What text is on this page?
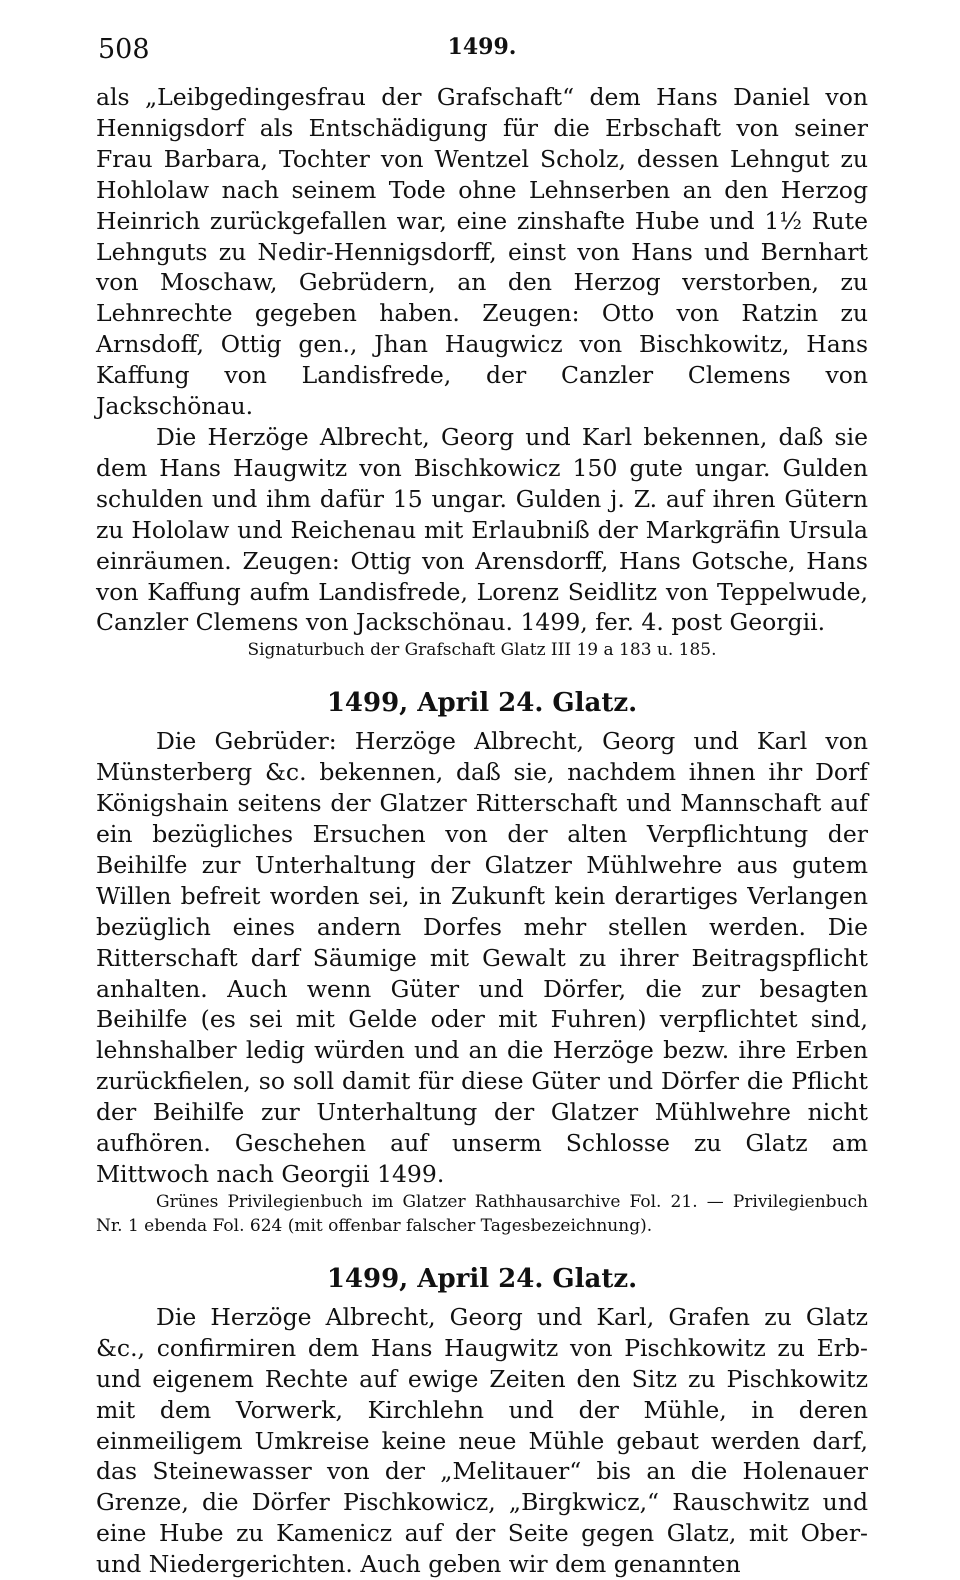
508	1499.

als „Leibgedingesfrau der Grafschaft“ dem Hans Daniel von Hennigsdorf als Entschädigung für die Erbschaft von seiner Frau Barbara, Tochter von Wentzel Scholz, dessen Lehngut zu Hohlolaw nach seinem Tode ohne Lehnserben an den Herzog Heinrich zurückgefallen war, eine zinshafte Hube und 1½ Rute Lehnguts zu Nedir-Hennigsdorff, einst von Hans und Bernhart von Moschaw, Gebrüdern, an den Herzog verstorben, zu Lehnrechte gegeben haben. Zeugen: Otto von Ratzin zu Arnsdoff, Ottig gen., Jhan Haugwicz von Bischkowitz, Hans Kaffung von Landisfrede, der Canzler Clemens von Jackschönau.

Die Herzöge Albrecht, Georg und Karl bekennen, daß sie dem Hans Haugwitz von Bischkowicz 150 gute ungar. Gulden schulden und ihm dafür 15 ungar. Gulden j. Z. auf ihren Gütern zu Hololaw und Reichenau mit Erlaubniß der Markgräfin Ursula einräumen. Zeugen: Ottig von Arensdorff, Hans Gotsche, Hans von Kaffung aufm Landisfrede, Lorenz Seidlitz von Teppelwude, Canzler Clemens von Jackschönau. 1499, fer. 4. post Georgii.

Signaturbuch der Grafschaft Glatz III 19 a 183 u. 185.

1499, April 24. Glatz.

Die Gebrüder: Herzöge Albrecht, Georg und Karl von Münsterberg &c. bekennen, daß sie, nachdem ihnen ihr Dorf Königshain seitens der Glatzer Ritterschaft und Mannschaft auf ein bezügliches Ersuchen von der alten Verpflichtung der Beihilfe zur Unterhaltung der Glatzer Mühlwehre aus gutem Willen befreit worden sei, in Zukunft kein derartiges Verlangen bezüglich eines andern Dorfes mehr stellen werden. Die Ritterschaft darf Säumige mit Gewalt zu ihrer Beitragspflicht anhalten. Auch wenn Güter und Dörfer, die zur besagten Beihilfe (es sei mit Gelde oder mit Fuhren) verpflichtet sind, lehnshalber ledig würden und an die Herzöge bezw. ihre Erben zurückfielen, so soll damit für diese Güter und Dörfer die Pflicht der Beihilfe zur Unterhaltung der Glatzer Mühlwehre nicht aufhören. Geschehen auf unserm Schlosse zu Glatz am Mittwoch nach Georgii 1499.

Grünes Privilegienbuch im Glatzer Rathhausarchive Fol. 21. — Privilegienbuch Nr. 1 ebenda Fol. 624 (mit offenbar falscher Tagesbezeichnung).

1499, April 24. Glatz.

Die Herzöge Albrecht, Georg und Karl, Grafen zu Glatz &c., confirmiren dem Hans Haugwitz von Pischkowitz zu Erb- und eigenem Rechte auf ewige Zeiten den Sitz zu Pischkowitz mit dem Vorwerk, Kirchlehn und der Mühle, in deren einmeiligem Umkreise keine neue Mühle gebaut werden darf, das Steinewasser von der „Melitauer“ bis an die Holenauer Grenze, die Dörfer Pischkowicz, „Birgkwicz,“ Rauschwitz und eine Hube zu Kamenicz auf der Seite gegen Glatz, mit Ober- und Niedergerichten. Auch geben wir dem genannten
